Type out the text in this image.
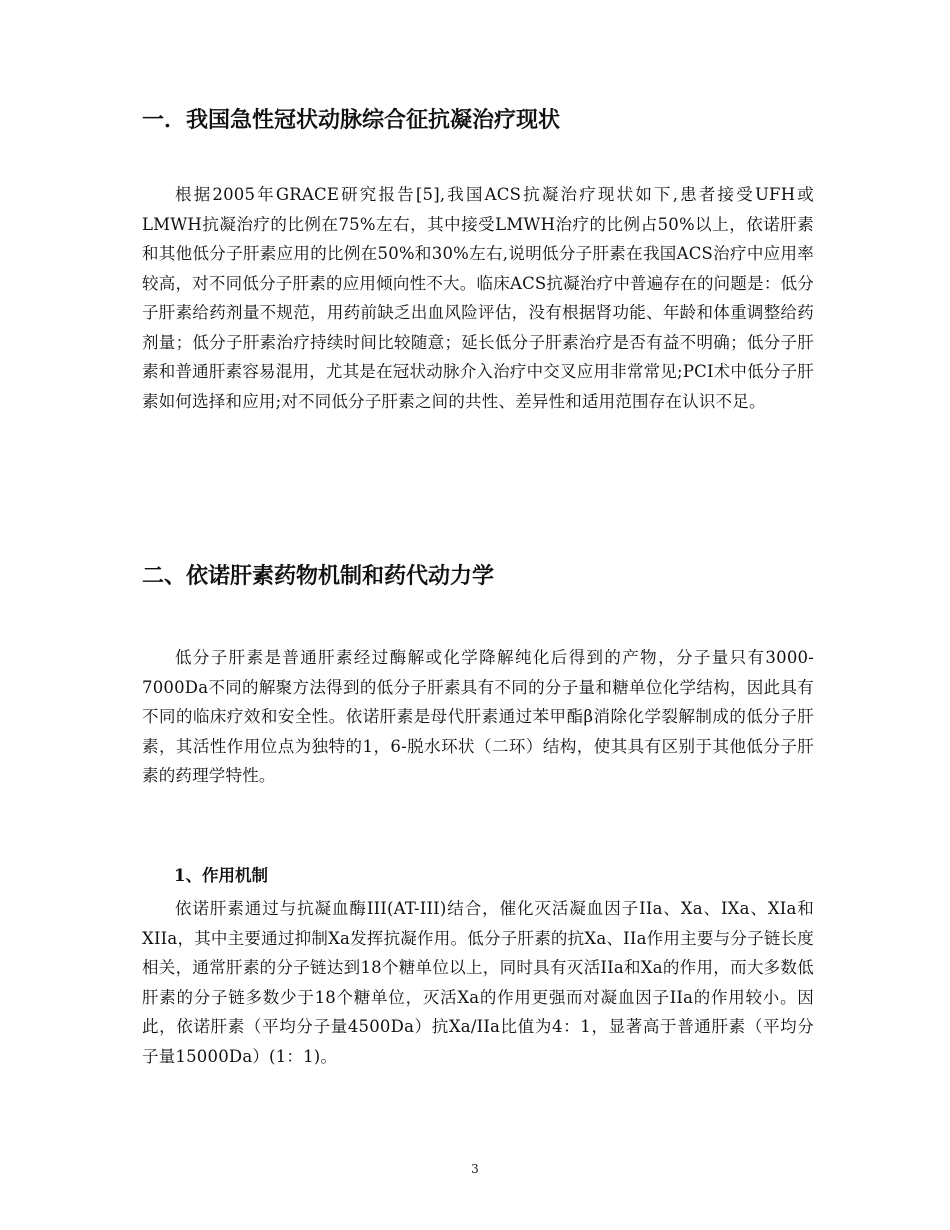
一．我国急性冠状动脉综合征抗凝治疗现状

根据2005年GRACE研究报告[5],我国ACS抗凝治疗现状如下,患者接受UFH或LMWH抗凝治疗的比例在75%左右，其中接受LMWH治疗的比例占50%以上，依诺肝素和其他低分子肝素应用的比例在50%和30%左右,说明低分子肝素在我国ACS治疗中应用率较高，对不同低分子肝素的应用倾向性不大。临床ACS抗凝治疗中普遍存在的问题是：低分子肝素给药剂量不规范，用药前缺乏出血风险评估，没有根据肾功能、年龄和体重调整给药剂量；低分子肝素治疗持续时间比较随意；延长低分子肝素治疗是否有益不明确；低分子肝素和普通肝素容易混用，尤其是在冠状动脉介入治疗中交叉应用非常常见;PCI术中低分子肝素如何选择和应用;对不同低分子肝素之间的共性、差异性和适用范围存在认识不足。

二、依诺肝素药物机制和药代动力学

低分子肝素是普通肝素经过酶解或化学降解纯化后得到的产物，分子量只有3000-7000Da不同的解聚方法得到的低分子肝素具有不同的分子量和糖单位化学结构，因此具有不同的临床疗效和安全性。依诺肝素是母代肝素通过苯甲酯β消除化学裂解制成的低分子肝素，其活性作用位点为独特的1，6-脱水环状（二环）结构，使其具有区别于其他低分子肝素的药理学特性。

1、作用机制

依诺肝素通过与抗凝血酶III(AT-III)结合，催化灭活凝血因子IIa、Xa、IXa、XIa和XIIa，其中主要通过抑制Xa发挥抗凝作用。低分子肝素的抗Xa、IIa作用主要与分子链长度相关，通常肝素的分子链达到18个糖单位以上，同时具有灭活IIa和Xa的作用，而大多数低肝素的分子链多数少于18个糖单位，灭活Xa的作用更强而对凝血因子IIa的作用较小。因此，依诺肝素（平均分子量4500Da）抗Xa/IIa比值为4：1，显著高于普通肝素（平均分子量15000Da）(1：1)。

3
